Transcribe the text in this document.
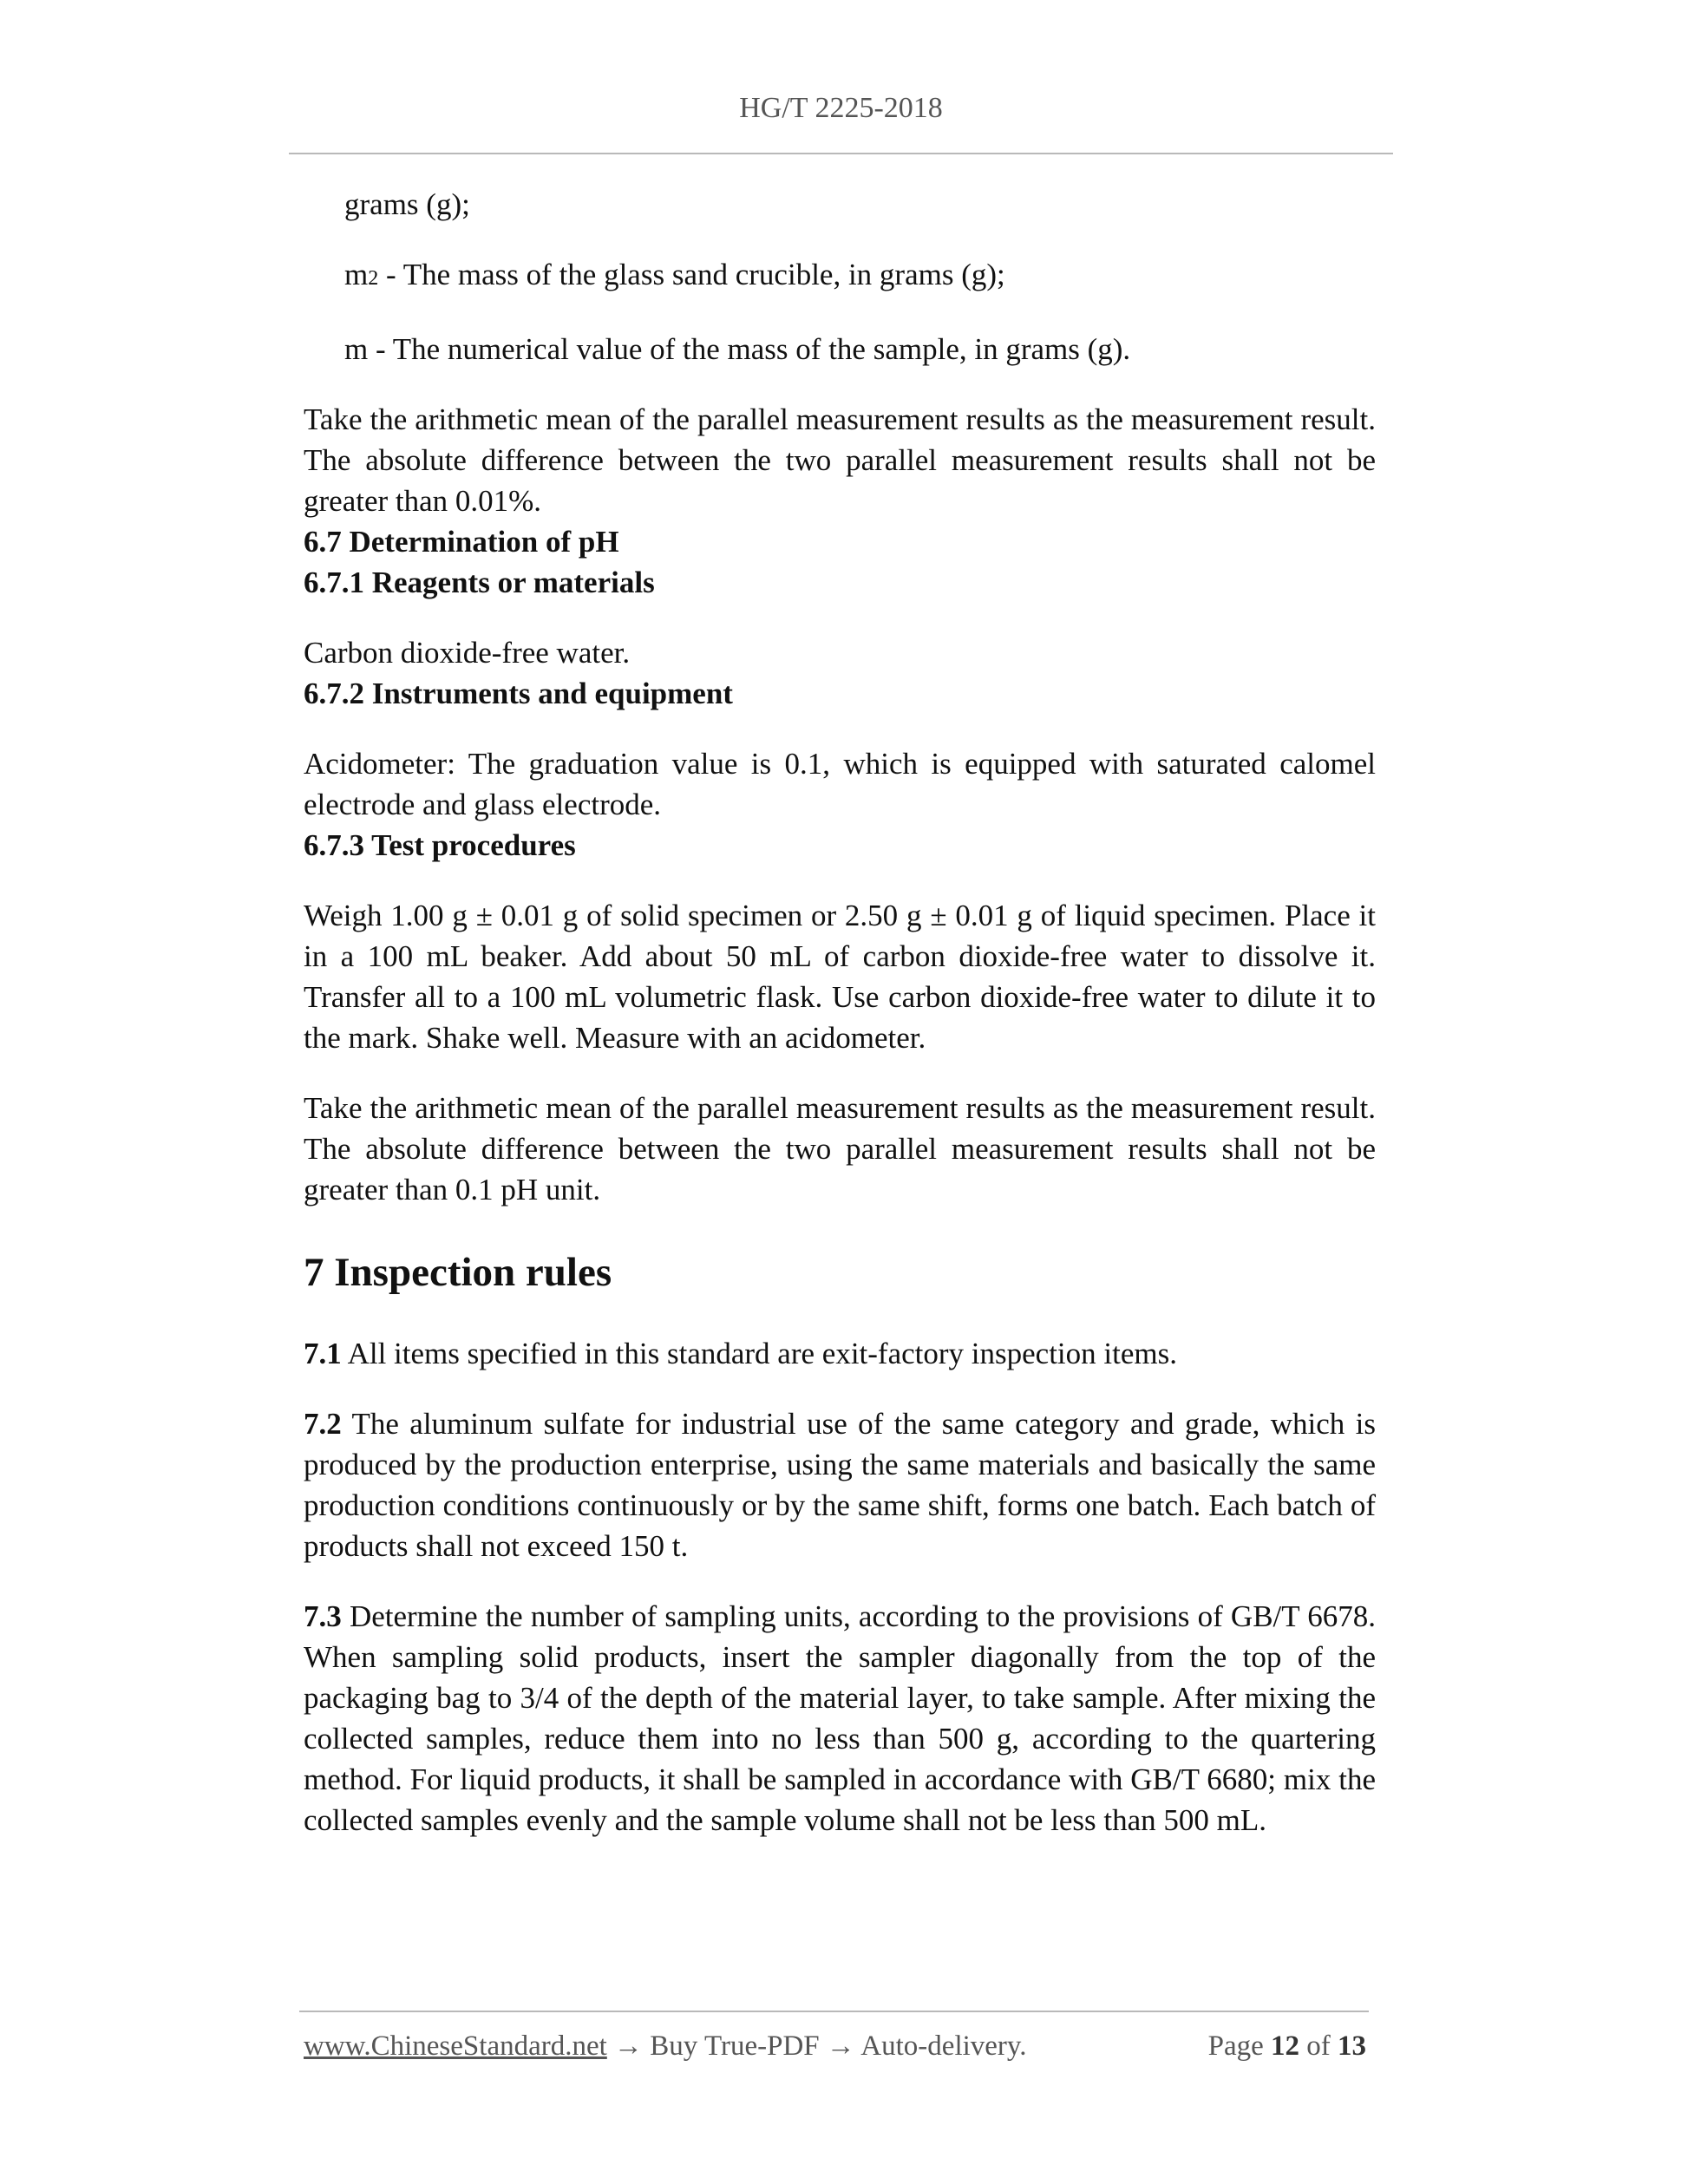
HG/T 2225-2018

grams (g);

m2 - The mass of the glass sand crucible, in grams (g);

m - The numerical value of the mass of the sample, in grams (g).

Take the arithmetic mean of the parallel measurement results as the measurement result. The absolute difference between the two parallel measurement results shall not be greater than 0.01%.

6.7 Determination of pH

6.7.1 Reagents or materials

Carbon dioxide-free water.

6.7.2 Instruments and equipment

Acidometer: The graduation value is 0.1, which is equipped with saturated calomel electrode and glass electrode.

6.7.3 Test procedures

Weigh 1.00 g ± 0.01 g of solid specimen or 2.50 g ± 0.01 g of liquid specimen. Place it in a 100 mL beaker. Add about 50 mL of carbon dioxide-free water to dissolve it. Transfer all to a 100 mL volumetric flask. Use carbon dioxide-free water to dilute it to the mark. Shake well. Measure with an acidometer.

Take the arithmetic mean of the parallel measurement results as the measurement result. The absolute difference between the two parallel measurement results shall not be greater than 0.1 pH unit.

7 Inspection rules

7.1 All items specified in this standard are exit-factory inspection items.

7.2 The aluminum sulfate for industrial use of the same category and grade, which is produced by the production enterprise, using the same materials and basically the same production conditions continuously or by the same shift, forms one batch. Each batch of products shall not exceed 150 t.

7.3 Determine the number of sampling units, according to the provisions of GB/T 6678. When sampling solid products, insert the sampler diagonally from the top of the packaging bag to 3/4 of the depth of the material layer, to take sample. After mixing the collected samples, reduce them into no less than 500 g, according to the quartering method. For liquid products, it shall be sampled in accordance with GB/T 6680; mix the collected samples evenly and the sample volume shall not be less than 500 mL.

www.ChineseStandard.net → Buy True-PDF → Auto-delivery.	Page 12 of 13
